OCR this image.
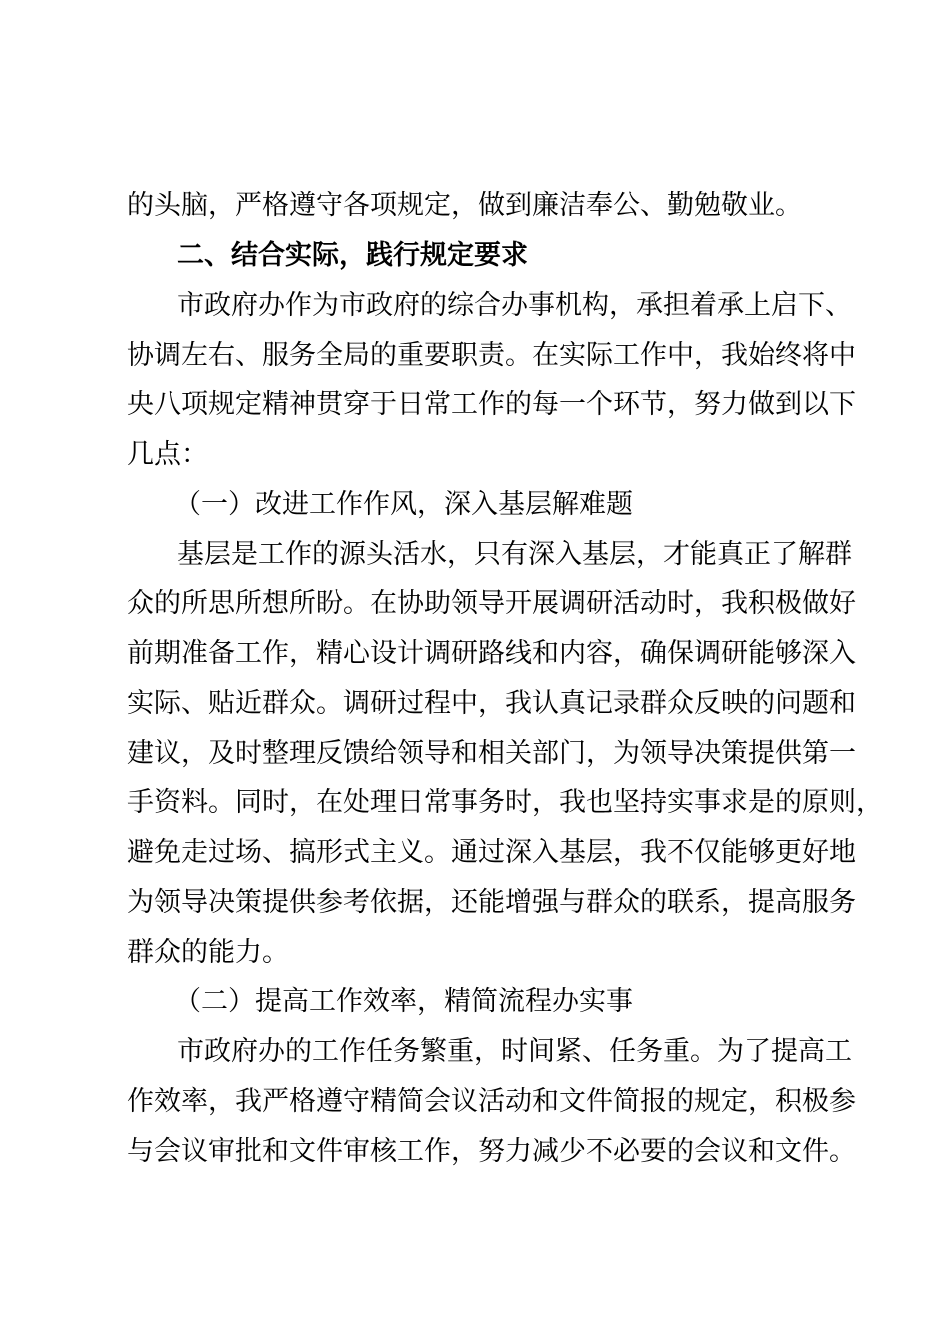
的头脑，严格遵守各项规定，做到廉洁奉公、勤勉敬业。
二、结合实际，践行规定要求
市政府办作为市政府的综合办事机构，承担着承上启下、
协调左右、服务全局的重要职责。在实际工作中，我始终将中
央八项规定精神贯穿于日常工作的每一个环节，努力做到以下
几点：
（一）改进工作作风，深入基层解难题
基层是工作的源头活水，只有深入基层，才能真正了解群
众的所思所想所盼。在协助领导开展调研活动时，我积极做好
前期准备工作，精心设计调研路线和内容，确保调研能够深入
实际、贴近群众。调研过程中，我认真记录群众反映的问题和
建议，及时整理反馈给领导和相关部门，为领导决策提供第一
手资料。同时，在处理日常事务时，我也坚持实事求是的原则，
避免走过场、搞形式主义。通过深入基层，我不仅能够更好地
为领导决策提供参考依据，还能增强与群众的联系，提高服务
群众的能力。
（二）提高工作效率，精简流程办实事
市政府办的工作任务繁重，时间紧、任务重。为了提高工
作效率，我严格遵守精简会议活动和文件简报的规定，积极参
与会议审批和文件审核工作，努力减少不必要的会议和文件。
